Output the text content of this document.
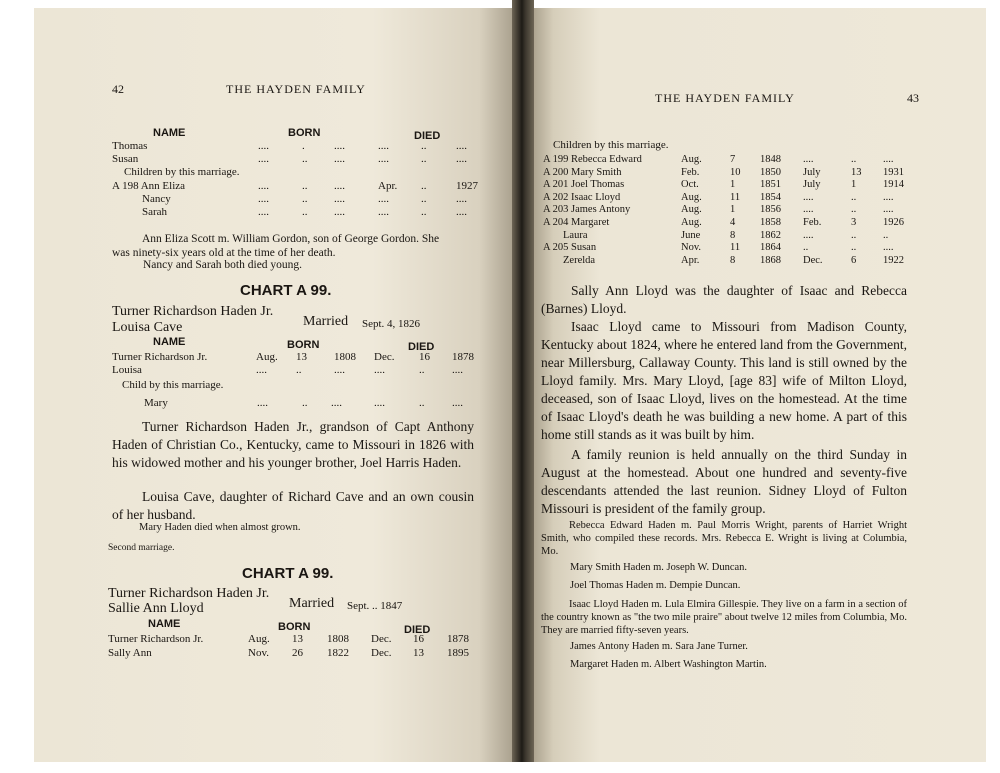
42	THE HAYDEN FAMILY
NAME	BORN	DIED
Thomas	....	.	....	....	..	....
Susan	....	.. ....	....	..	....
Children by this marriage.
A 198 Ann Eliza	....	.. ....	Apr. ..	1927
Nancy	....	.. ....	....	..	....
Sarah	....	.. ....	....	..	....
Ann Eliza Scott m. William Gordon, son of George Gordon. She
was ninety-six years old at the time of her death.
Nancy and Sarah both died young.
CHART A 99.
Turner Richardson Haden Jr.
Louisa Cave	Married Sept. 4, 1826
NAME	BORN	DIED
Turner Richardson Jr.	Aug. 13 1808 Dec. 16 1878
Louisa	....	..	....	....	..	....
Child by this marriage.
Mary	....	.. ....	....	..	....
Turner Richardson Haden Jr., grandson of Capt Anthony Haden of Christian Co., Kentucky, came to Missouri in 1826 with his widowed mother and his younger brother, Joel Harris Haden.
Louisa Cave, daughter of Richard Cave and an own cousin of her husband.
Mary Haden died when almost grown.
Second marriage.
CHART A 99.
Turner Richardson Haden Jr.
Sallie Ann Lloyd	Married Sept. .. 1847
NAME	BORN	DIED
Turner Richardson Jr.	Aug. 13 1808 Dec. 16 1878
Sally Ann	Nov. 26 1822 Dec. 13 1895
THE HAYDEN FAMILY	43
Children by this marriage.
A 199 Rebecca Edward	Aug.	7 1848 ....	..	....
A 200 Mary Smith	Feb.	10 1850 July	13 1931
A 201 Joel Thomas	Oct.	1 1851 July	1	1914
A 202 Isaac Lloyd	Aug.	11 1854 ....	..	....
A 203 James Antony	Aug.	1 1856 ....	..	....
A 204 Margaret	Aug.	4 1858 Feb.	3	1926
Laura	June	8 1862 ....	..	..
A 205 Susan	Nov.	11 1864 ..	..	....
Zerelda	Apr.	8 1868 Dec.	6	1922
Sally Ann Lloyd was the daughter of Isaac and Rebecca (Barnes) Lloyd.
Isaac Lloyd came to Missouri from Madison County, Kentucky about 1824, where he entered land from the Government, near Millersburg, Callaway County. This land is still owned by the Lloyd family. Mrs. Mary Lloyd, [age 83] wife of Milton Lloyd, deceased, son of Isaac Lloyd, lives on the homestead. At the time of Isaac Lloyd's death he was building a new home. A part of this home still stands as it was built by him.
A family reunion is held annually on the third Sunday in August at the homestead. About one hundred and seventy-five descendants attended the last reunion. Sidney Lloyd of Fulton Missouri is president of the family group.
Rebecca Edward Haden m. Paul Morris Wright, parents of Harriet Wright Smith, who compiled these records. Mrs. Rebecca E. Wright is living at Columbia, Mo.
Mary Smith Haden m. Joseph W. Duncan.
Joel Thomas Haden m. Dempie Duncan.
Isaac Lloyd Haden m. Lula Elmira Gillespie. They live on a farm in a section of the country known as "the two mile praire" about twelve 12 miles from Columbia, Mo. They are married fifty-seven years.
James Antony Haden m. Sara Jane Turner.
Margaret Haden m. Albert Washington Martin.
